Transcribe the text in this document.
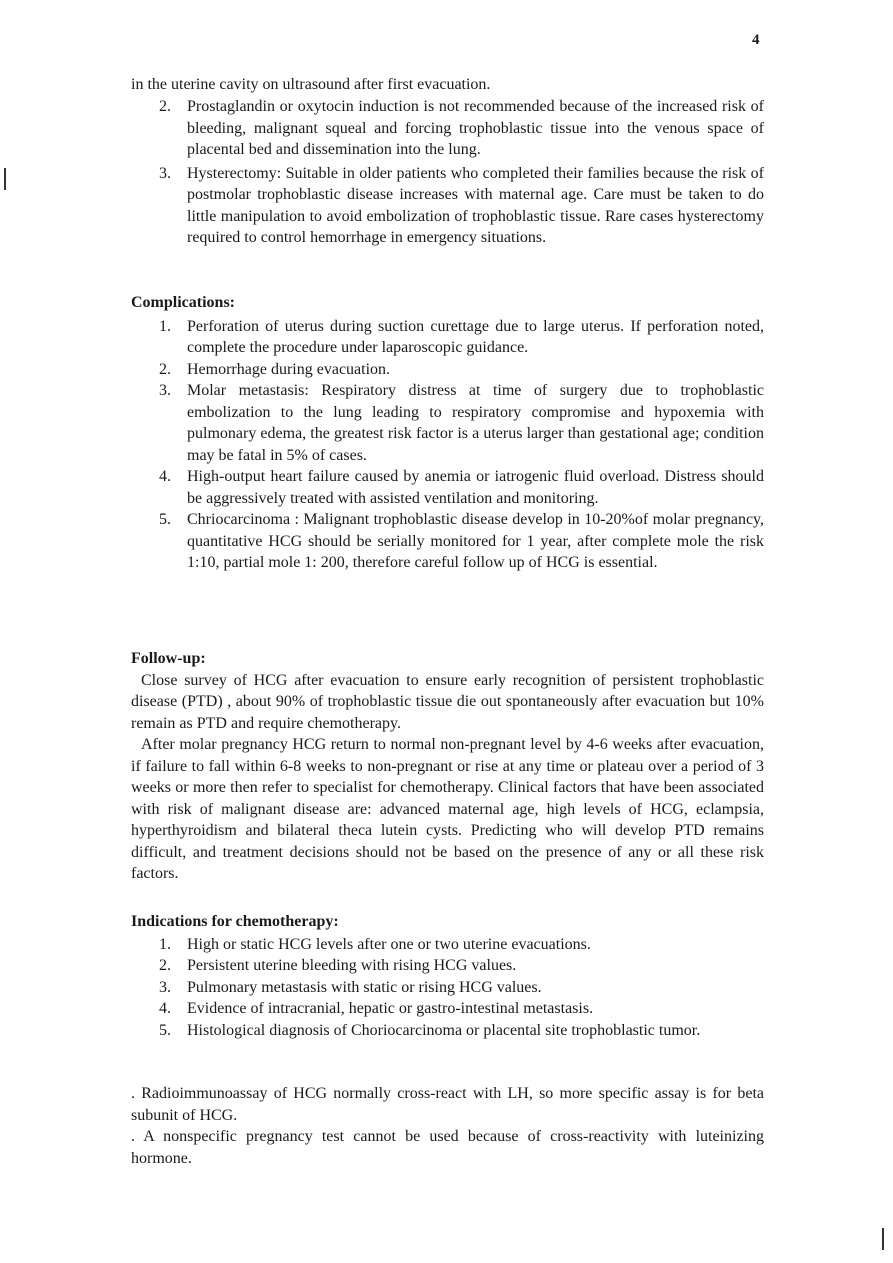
4
in the uterine cavity on ultrasound after first evacuation.
2. Prostaglandin or oxytocin induction is not recommended because of the increased risk of bleeding, malignant squeal and forcing trophoblastic tissue into the venous space of placental bed and dissemination into the lung.
3. Hysterectomy: Suitable in older patients who completed their families because the risk of postmolar trophoblastic disease increases with maternal age. Care must be taken to do little manipulation to avoid embolization of trophoblastic tissue. Rare cases hysterectomy required to control hemorrhage in emergency situations.

Complications:

1. Perforation of uterus during suction curettage due to large uterus. If perforation noted, complete the procedure under laparoscopic guidance.
2. Hemorrhage during evacuation.
3. Molar metastasis: Respiratory distress at time of surgery due to trophoblastic embolization to the lung leading to respiratory compromise and hypoxemia with pulmonary edema, the greatest risk factor is a uterus larger than gestational age; condition may be fatal in 5% of cases.
4. High-output heart failure caused by anemia or iatrogenic fluid overload. Distress should be aggressively treated with assisted ventilation and monitoring.
5. Chriocarcinoma : Malignant trophoblastic disease develop in 10-20%of molar pregnancy, quantitative HCG should be serially monitored for 1 year, after complete mole the risk 1:10, partial mole 1: 200, therefore careful follow up of HCG is essential.

Follow-up:

Close survey of HCG after evacuation to ensure early recognition of persistent trophoblastic disease (PTD) , about 90% of trophoblastic tissue die out spontaneously after evacuation but 10% remain as PTD and require chemotherapy.

After molar pregnancy HCG return to normal non-pregnant level by 4-6 weeks after evacuation, if failure to fall within 6-8 weeks to non-pregnant or rise at any time or plateau over a period of 3 weeks or more then refer to specialist for chemotherapy. Clinical factors that have been associated with risk of malignant disease are: advanced maternal age, high levels of HCG, eclampsia, hyperthyroidism and bilateral theca lutein cysts. Predicting who will develop PTD remains difficult, and treatment decisions should not be based on the presence of any or all these risk factors.

Indications for chemotherapy:

1. High or static HCG levels after one or two uterine evacuations.
2. Persistent uterine bleeding with rising HCG values.
3. Pulmonary metastasis with static or rising HCG values.
4. Evidence of intracranial, hepatic or gastro-intestinal metastasis.
5. Histological diagnosis of Choriocarcinoma or placental site trophoblastic tumor.

. Radioimmunoassay of HCG normally cross-react with LH, so more specific assay is for beta subunit of HCG.

. A nonspecific pregnancy test cannot be used because of cross-reactivity with luteinizing hormone.
